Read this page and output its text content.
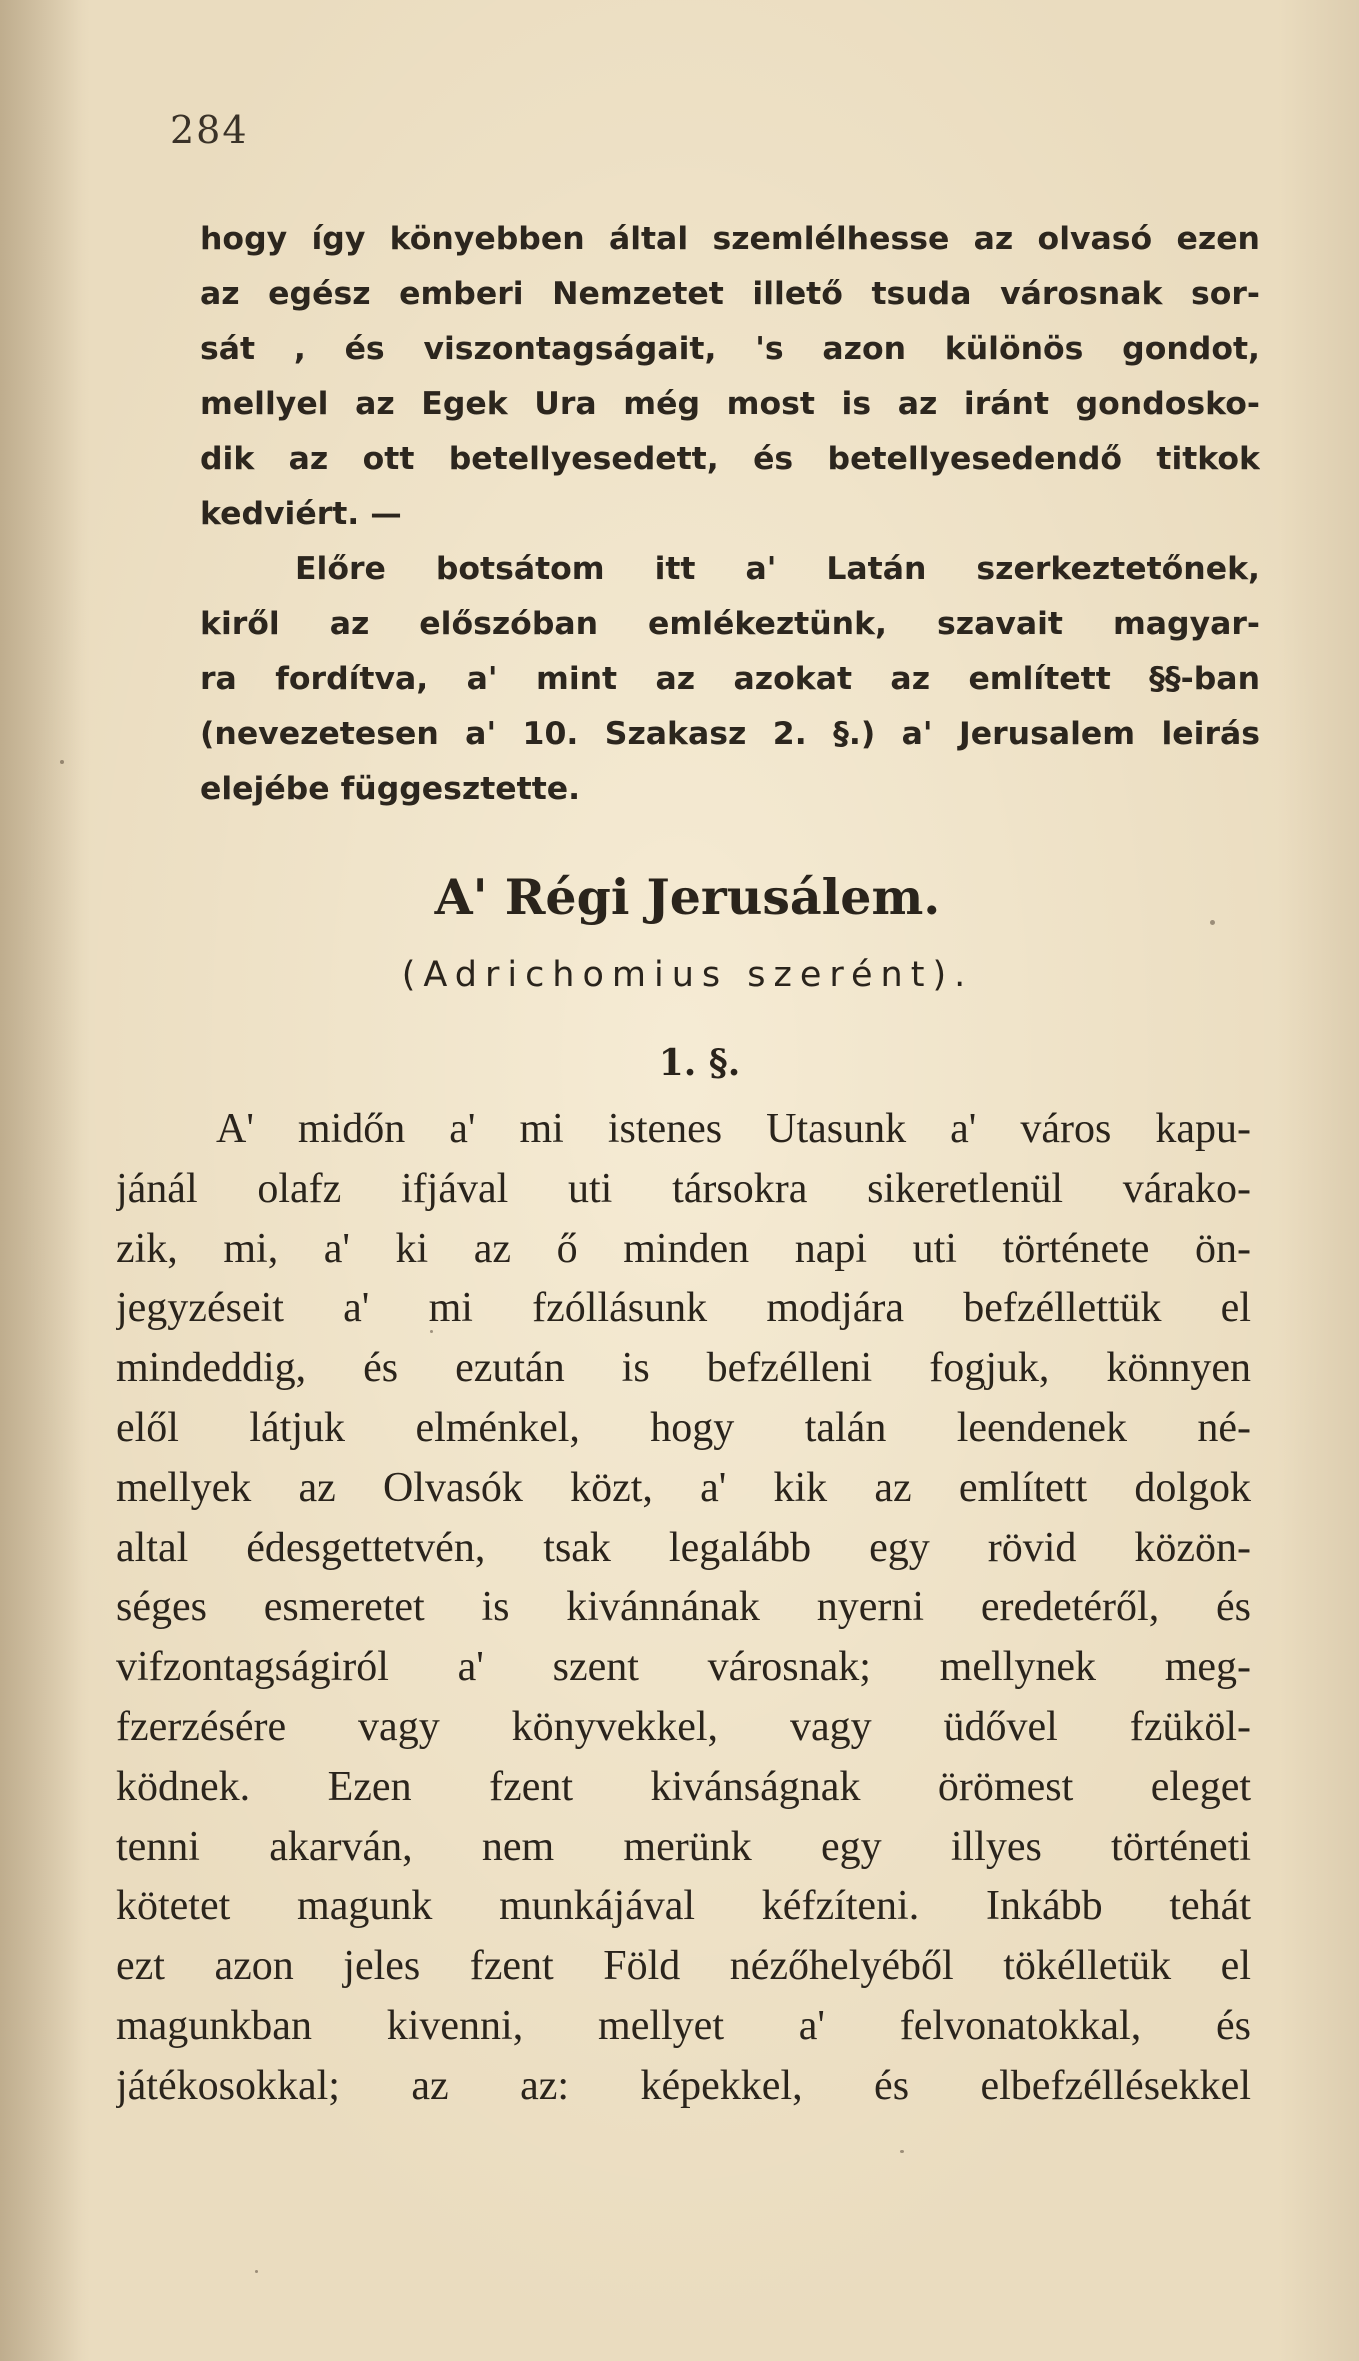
284
hogy így könyebben által szemlélhesse az olvasó ezen
az egész emberi Nemzetet illető tsuda városnak sor-
sát , és viszontagságait, 's azon különös gondot,
mellyel az Egek Ura még most is az iránt gondosko-
dik az ott betellyesedett, és betellyesedendő titkok
kedviért. —
Előre botsátom itt a' Latán szerkeztetőnek,
kiről az előszóban emlékeztünk, szavait magyar-
ra fordítva, a' mint az azokat az említett §§-ban
(nevezetesen a' 10. Szakasz 2. §.) a' Jerusalem leirás
elejébe függesztette.
A' Régi Jerusálem.
(Adrichomius szerént).
1. §.
A' midőn a' mi istenes Utasunk a' város kapu-
jánál olafz ifjával uti társokra sikeretlenül várako-
zik, mi, a' ki az ő minden napi uti története ön-
jegyzéseit a' mi fzóllásunk modjára befzéllettük el
mindeddig, és ezután is befzélleni fogjuk, könnyen
elől látjuk elménkel, hogy talán leendenek né-
mellyek az Olvasók közt, a' kik az említett dolgok
altal édesgettetvén, tsak legalább egy rövid közön-
séges esmeretet is kivánnának nyerni eredetéről, és
vifzontagságiról a' szent városnak; mellynek meg-
fzerzésére vagy könyvekkel, vagy üdővel fzüköl-
ködnek. Ezen fzent kivánságnak örömest eleget
tenni akarván, nem merünk egy illyes történeti
kötetet magunk munkájával kéfzíteni. Inkább tehát
ezt azon jeles fzent Föld nézőhelyéből tökélletük el
magunkban kivenni, mellyet a' felvonatokkal, és
játékosokkal; az az: képekkel, és elbefzéllésekkel
